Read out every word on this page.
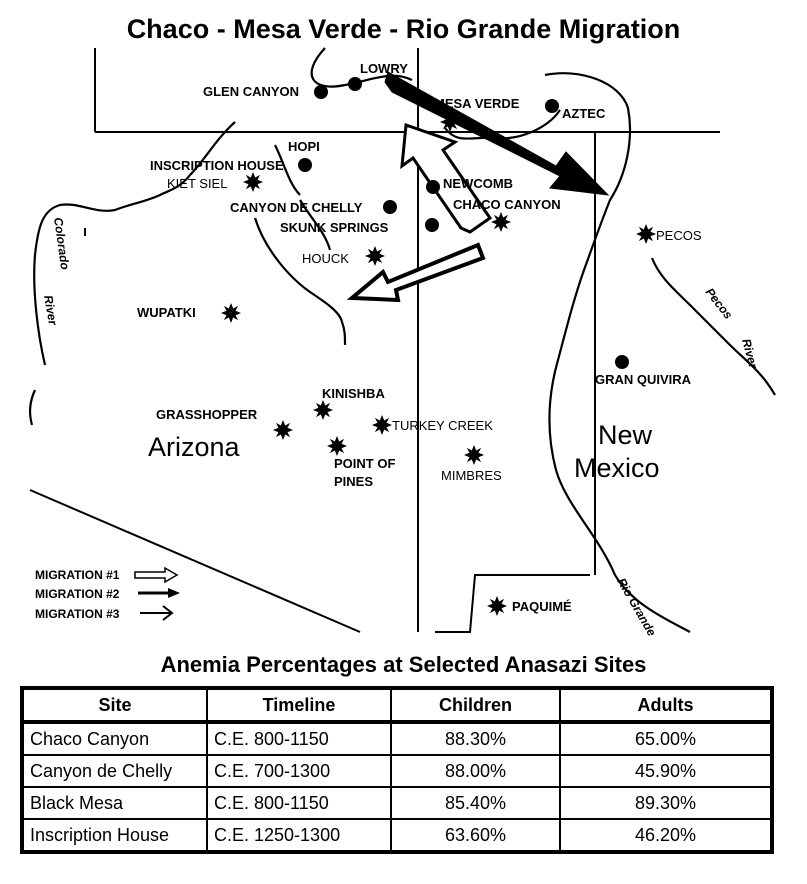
Chaco - Mesa Verde - Rio Grande Migration
LOWRY
GLEN CANYON
MESA VERDE
AZTEC
HOPI
INSCRIPTION HOUSE
KIET SIEL	NEWCOMB
CANYON DE CHELLY	CHACO CANYON
SKUNK SPRINGS
PECOS
HOUCK
WUPATKI
GRAN QUIVIRA
KINISHBA
GRASSHOPPER
TURKEY CREEK
POINT OF
PINES	MIMBRES
PAQUIMÉ
Arizona	New
Mexico
Colorado
River	Pecos
River
Rio Grande
MIGRATION #1
MIGRATION #2
MIGRATION #3
Anemia Percentages at Selected Anasazi Sites
Site	Timeline	Children	Adults
Chaco Canyon	C.E. 800-1150	88.30%	65.00%
Canyon de Chelly	C.E. 700-1300	88.00%	45.90%
Black Mesa	C.E. 800-1150	85.40%	89.30%
Inscription House	C.E. 1250-1300	63.60%	46.20%
